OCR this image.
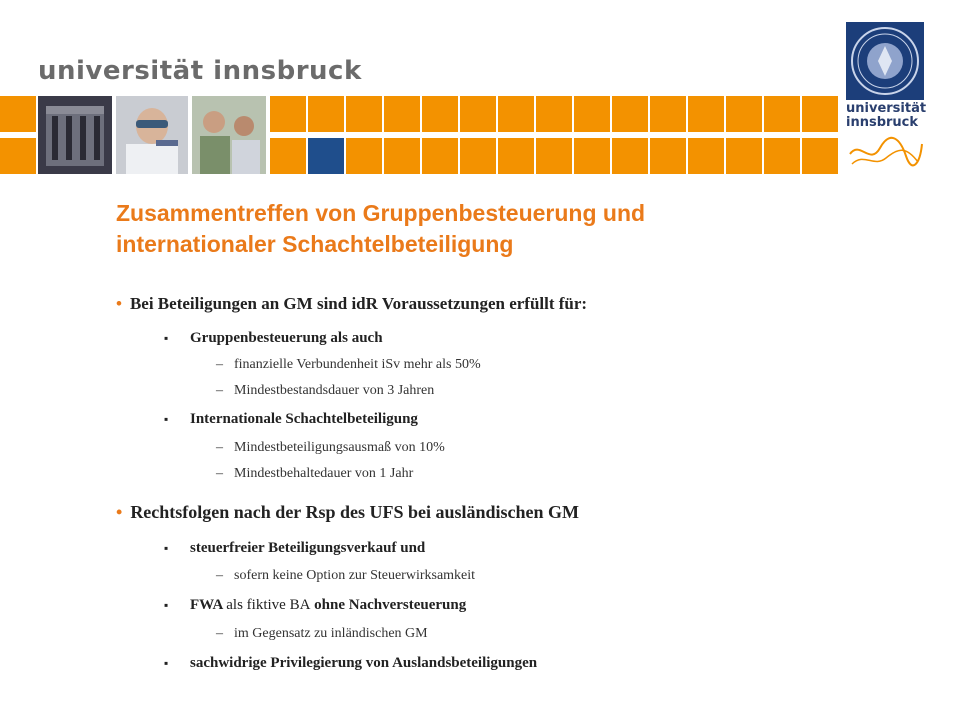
universität innsbruck
universität
innsbruck
Zusammentreffen von Gruppenbesteuerung und
internationaler Schachtelbeteiligung
• Bei Beteiligungen an GM sind idR Voraussetzungen erfüllt für:
▪ Gruppenbesteuerung als auch
– finanzielle Verbundenheit iSv mehr als 50%
– Mindestbestandsdauer von 3 Jahren
▪ Internationale Schachtelbeteiligung
– Mindestbeteiligungsausmaß von 10%
– Mindestbehaltedauer von 1 Jahr
• Rechtsfolgen nach der Rsp des UFS bei ausländischen GM
▪ steuerfreier Beteiligungsverkauf und
– sofern keine Option zur Steuerwirksamkeit
▪ FWA als fiktive BA ohne Nachversteuerung
– im Gegensatz zu inländischen GM
▪ sachwidrige Privilegierung von Auslandsbeteiligungen
